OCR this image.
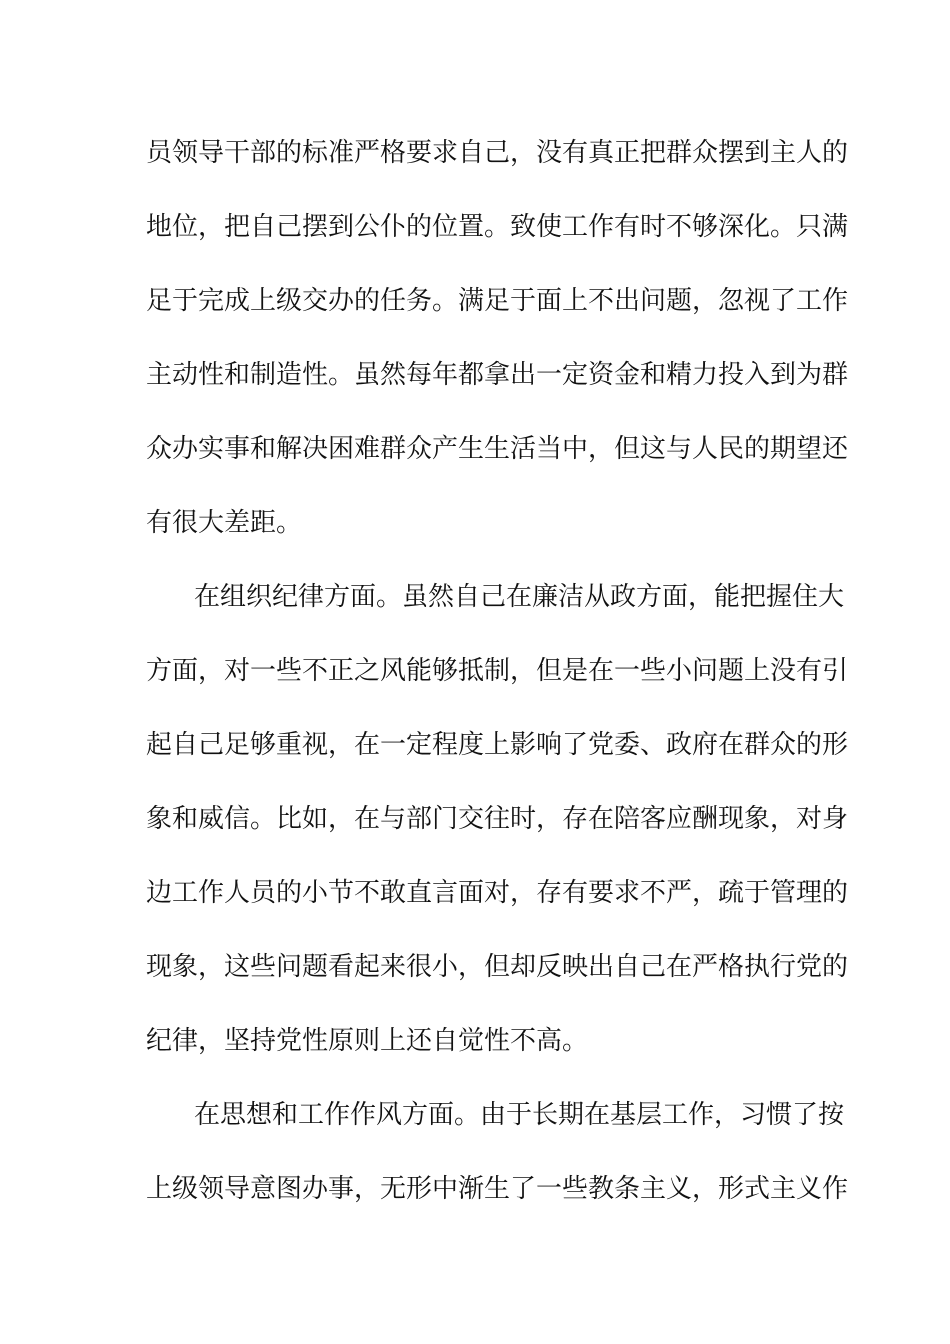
员领导干部的标准严格要求自己，没有真正把群众摆到主人的
地位，把自己摆到公仆的位置。致使工作有时不够深化。只满
足于完成上级交办的任务。满足于面上不出问题，忽视了工作
主动性和制造性。虽然每年都拿出一定资金和精力投入到为群
众办实事和解决困难群众产生生活当中，但这与人民的期望还
有很大差距。
在组织纪律方面。虽然自己在廉洁从政方面，能把握住大
方面，对一些不正之风能够抵制，但是在一些小问题上没有引
起自己足够重视，在一定程度上影响了党委、政府在群众的形
象和威信。比如，在与部门交往时，存在陪客应酬现象，对身
边工作人员的小节不敢直言面对，存有要求不严，疏于管理的
现象，这些问题看起来很小，但却反映出自己在严格执行党的
纪律，坚持党性原则上还自觉性不高。
在思想和工作作风方面。由于长期在基层工作，习惯了按
上级领导意图办事，无形中渐生了一些教条主义，形式主义作
